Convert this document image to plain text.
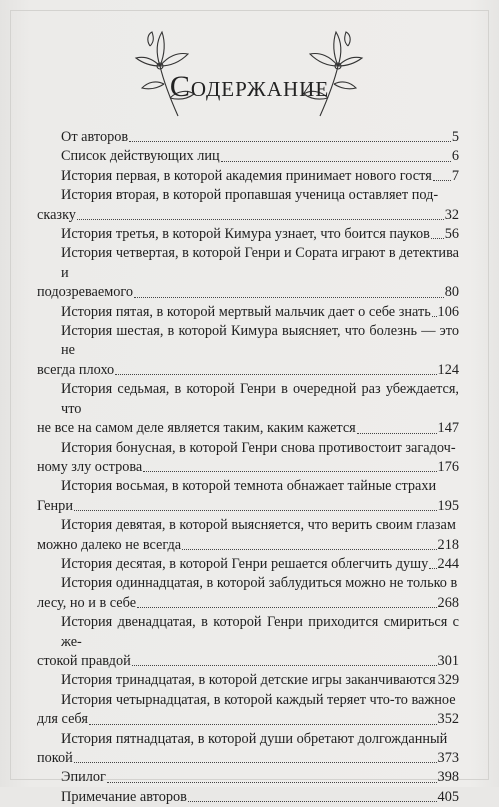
Содержание
От авторов	5
Список действующих лиц	6
История первая, в которой академия принимает нового гостя 7
История вторая, в которой пропавшая ученица оставляет под-
сказку	32
История третья, в которой Кимура узнает, что боится пауков 56
История четвертая, в которой Генри и Сората играют в детектива и
подозреваемого	80
История пятая, в которой мертвый мальчик дает о себе знать 106
История шестая, в которой Кимура выясняет, что болезнь — это не
всегда плохо	124
История седьмая, в которой Генри в очередной раз убеждается, что
не все на самом деле является таким, каким кажется	147
История бонусная, в которой Генри снова противостоит загадоч-
ному злу острова	176
История восьмая, в которой темнота обнажает тайные страхи
Генри	195
История девятая, в которой выясняется, что верить своим глазам
можно далеко не всегда	218
История десятая, в которой Генри решается облегчить душу 244
История одиннадцатая, в которой заблудиться можно не только в
лесу, но и в себе	268
История двенадцатая, в которой Генри приходится смириться с же-
стокой правдой	301
История тринадцатая, в которой детские игры заканчиваются 329
История четырнадцатая, в которой каждый теряет что-то важное
для себя	352
История пятнадцатая, в которой души обретают долгожданный
покой	373
Эпилог	398
Примечание авторов	405
